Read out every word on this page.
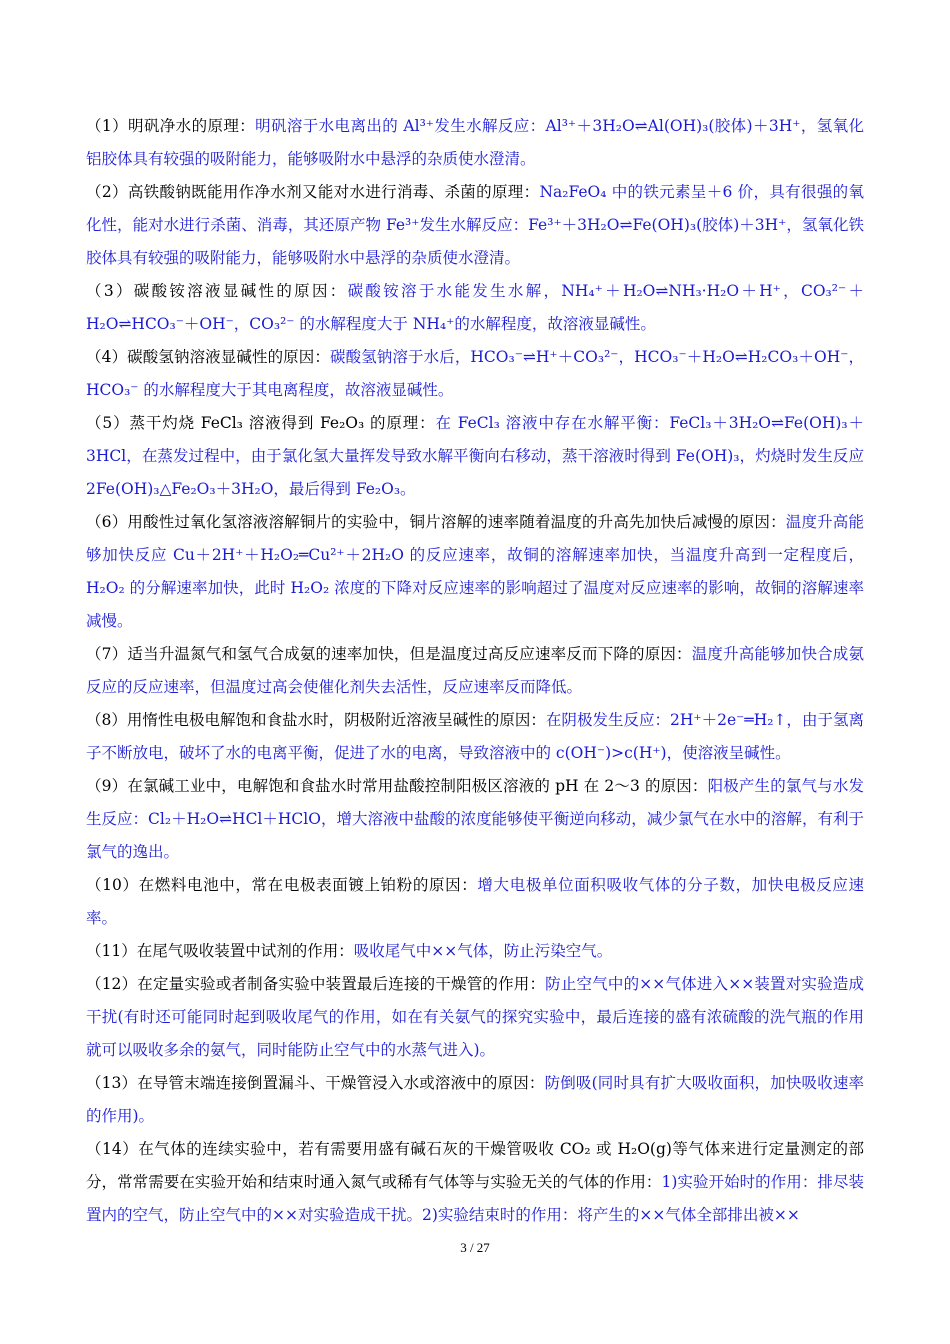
（1）明矾净水的原理：明矾溶于水电离出的 Al³⁺发生水解反应：Al³⁺＋3H₂O⇌Al(OH)₃(胶体)＋3H⁺，氢氧化铝胶体具有较强的吸附能力，能够吸附水中悬浮的杂质使水澄清。

（2）高铁酸钠既能用作净水剂又能对水进行消毒、杀菌的原理：Na₂FeO₄ 中的铁元素呈＋6 价，具有很强的氧化性，能对水进行杀菌、消毒，其还原产物 Fe³⁺发生水解反应：Fe³⁺＋3H₂O⇌Fe(OH)₃(胶体)＋3H⁺，氢氧化铁胶体具有较强的吸附能力，能够吸附水中悬浮的杂质使水澄清。

（3）碳酸铵溶液显碱性的原因：碳酸铵溶于水能发生水解，NH₄⁺＋H₂O⇌NH₃·H₂O＋H⁺，CO₃²⁻＋H₂O⇌HCO₃⁻＋OH⁻，CO₃²⁻ 的水解程度大于 NH₄⁺的水解程度，故溶液显碱性。

（4）碳酸氢钠溶液显碱性的原因：碳酸氢钠溶于水后，HCO₃⁻⇌H⁺＋CO₃²⁻，HCO₃⁻＋H₂O⇌H₂CO₃＋OH⁻，HCO₃⁻ 的水解程度大于其电离程度，故溶液显碱性。

（5）蒸干灼烧 FeCl₃ 溶液得到 Fe₂O₃ 的原理：在 FeCl₃ 溶液中存在水解平衡：FeCl₃＋3H₂O⇌Fe(OH)₃＋3HCl，在蒸发过程中，由于氯化氢大量挥发导致水解平衡向右移动，蒸干溶液时得到 Fe(OH)₃，灼烧时发生反应 2Fe(OH)₃△Fe₂O₃＋3H₂O，最后得到 Fe₂O₃。

（6）用酸性过氧化氢溶液溶解铜片的实验中，铜片溶解的速率随着温度的升高先加快后减慢的原因：温度升高能够加快反应 Cu＋2H⁺＋H₂O₂═Cu²⁺＋2H₂O 的反应速率，故铜的溶解速率加快，当温度升高到一定程度后，H₂O₂ 的分解速率加快，此时 H₂O₂ 浓度的下降对反应速率的影响超过了温度对反应速率的影响，故铜的溶解速率减慢。

（7）适当升温氮气和氢气合成氨的速率加快，但是温度过高反应速率反而下降的原因：温度升高能够加快合成氨反应的反应速率，但温度过高会使催化剂失去活性，反应速率反而降低。

（8）用惰性电极电解饱和食盐水时，阴极附近溶液呈碱性的原因：在阴极发生反应：2H⁺＋2e⁻═H₂↑，由于氢离子不断放电，破坏了水的电离平衡，促进了水的电离，导致溶液中的 c(OH⁻)>c(H⁺)，使溶液呈碱性。

（9）在氯碱工业中，电解饱和食盐水时常用盐酸控制阳极区溶液的 pH 在 2～3 的原因：阳极产生的氯气与水发生反应：Cl₂＋H₂O⇌HCl＋HClO，增大溶液中盐酸的浓度能够使平衡逆向移动，减少氯气在水中的溶解，有利于氯气的逸出。

（10）在燃料电池中，常在电极表面镀上铂粉的原因：增大电极单位面积吸收气体的分子数，加快电极反应速率。

（11）在尾气吸收装置中试剂的作用：吸收尾气中××气体，防止污染空气。

（12）在定量实验或者制备实验中装置最后连接的干燥管的作用：防止空气中的××气体进入××装置对实验造成干扰(有时还可能同时起到吸收尾气的作用，如在有关氨气的探究实验中，最后连接的盛有浓硫酸的洗气瓶的作用就可以吸收多余的氨气，同时能防止空气中的水蒸气进入)。

（13）在导管末端连接倒置漏斗、干燥管浸入水或溶液中的原因：防倒吸(同时具有扩大吸收面积，加快吸收速率的作用)。

（14）在气体的连续实验中，若有需要用盛有碱石灰的干燥管吸收 CO₂ 或 H₂O(g)等气体来进行定量测定的部分，常常需要在实验开始和结束时通入氮气或稀有气体等与实验无关的气体的作用：1)实验开始时的作用：排尽装置内的空气，防止空气中的××对实验造成干扰。2)实验结束时的作用：将产生的××气体全部排出被××

3 / 27
